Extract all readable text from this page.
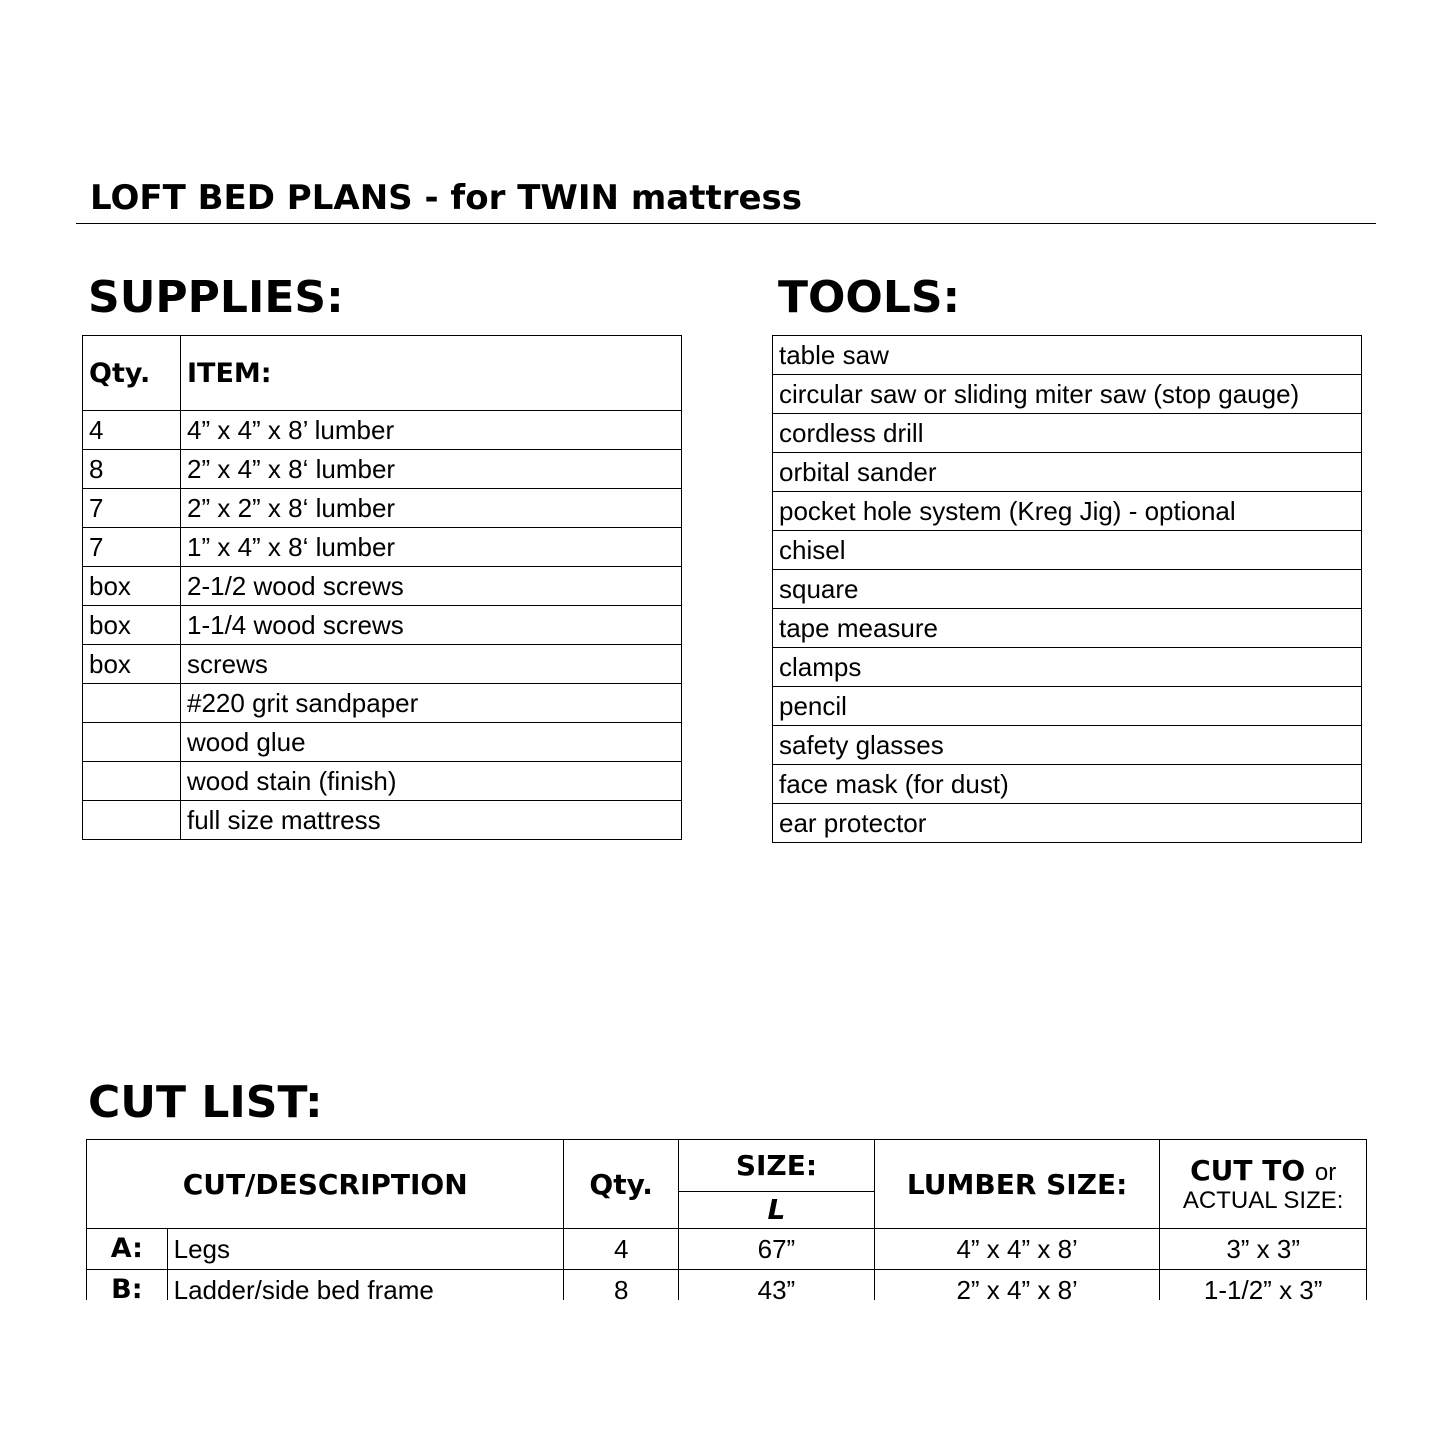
LOFT BED PLANS - for TWIN mattress
SUPPLIES:
Qty.	ITEM:
4	4” x 4” x 8’ lumber
8	2” x 4” x 8‘ lumber
7	2” x 2” x 8‘ lumber
7	1” x 4” x 8‘ lumber
box	2-1/2 wood screws
box	1-1/4 wood screws
box	screws
	#220 grit sandpaper
	wood glue
	wood stain (finish)
	full size mattress
TOOLS:
table saw
circular saw or sliding miter saw (stop gauge)
cordless drill
orbital sander
pocket hole system (Kreg Jig) - optional
chisel
square
tape measure
clamps
pencil
safety glasses
face mask (for dust)
ear protector
CUT LIST:
CUT/DESCRIPTION		Qty.	SIZE:	LUMBER SIZE:	CUT TO or
ACTUAL SIZE:

			L		
A:	Legs	4	67”	4” x 4” x 8’	3” x 3”
B:	Ladder/side bed frame	8	43”	2” x 4” x 8’	1-1/2” x 3”
